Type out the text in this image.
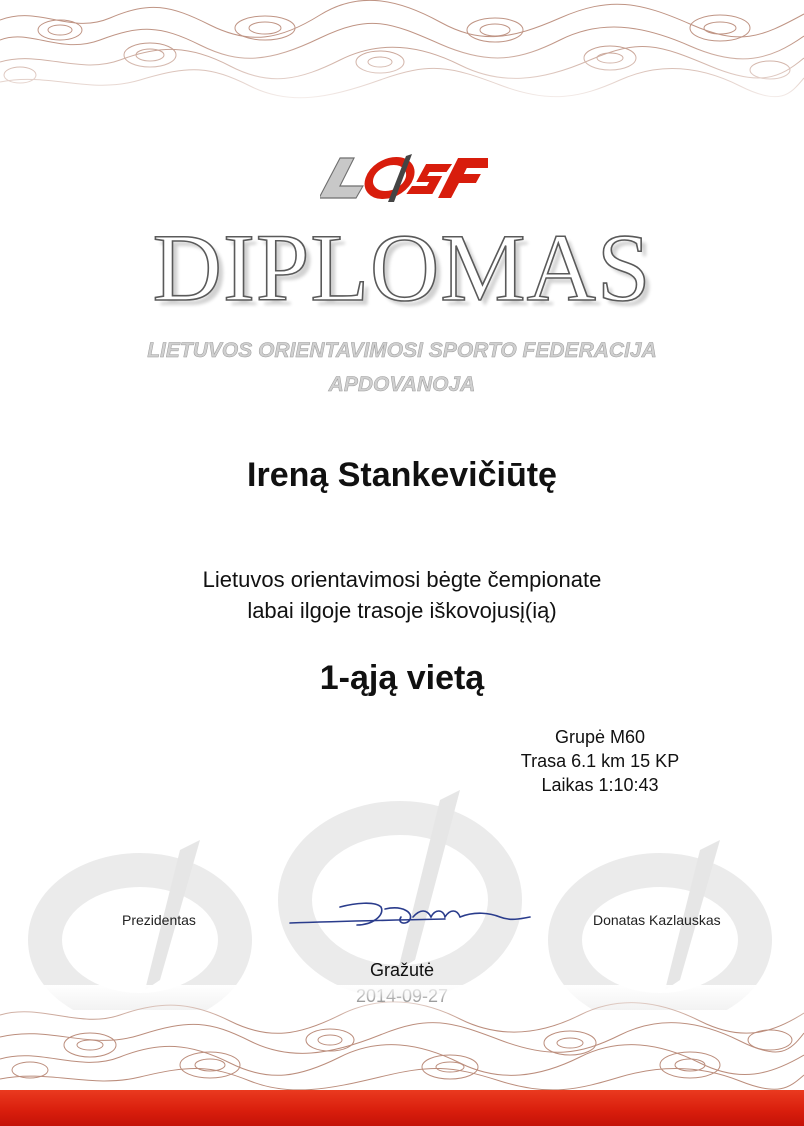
DIPLOMAS
LIETUVOS ORIENTAVIMOSI SPORTO FEDERACIJA
APDOVANOJA
Ireną Stankevičiūtę
Lietuvos orientavimosi bėgte čempionate
labai ilgoje trasoje iškovojusį(ią)
1-ąją vietą
Grupė M60
Trasa 6.1 km 15 KP
Laikas 1:10:43
Prezidentas	Donatas Kazlauskas
Gražutė
